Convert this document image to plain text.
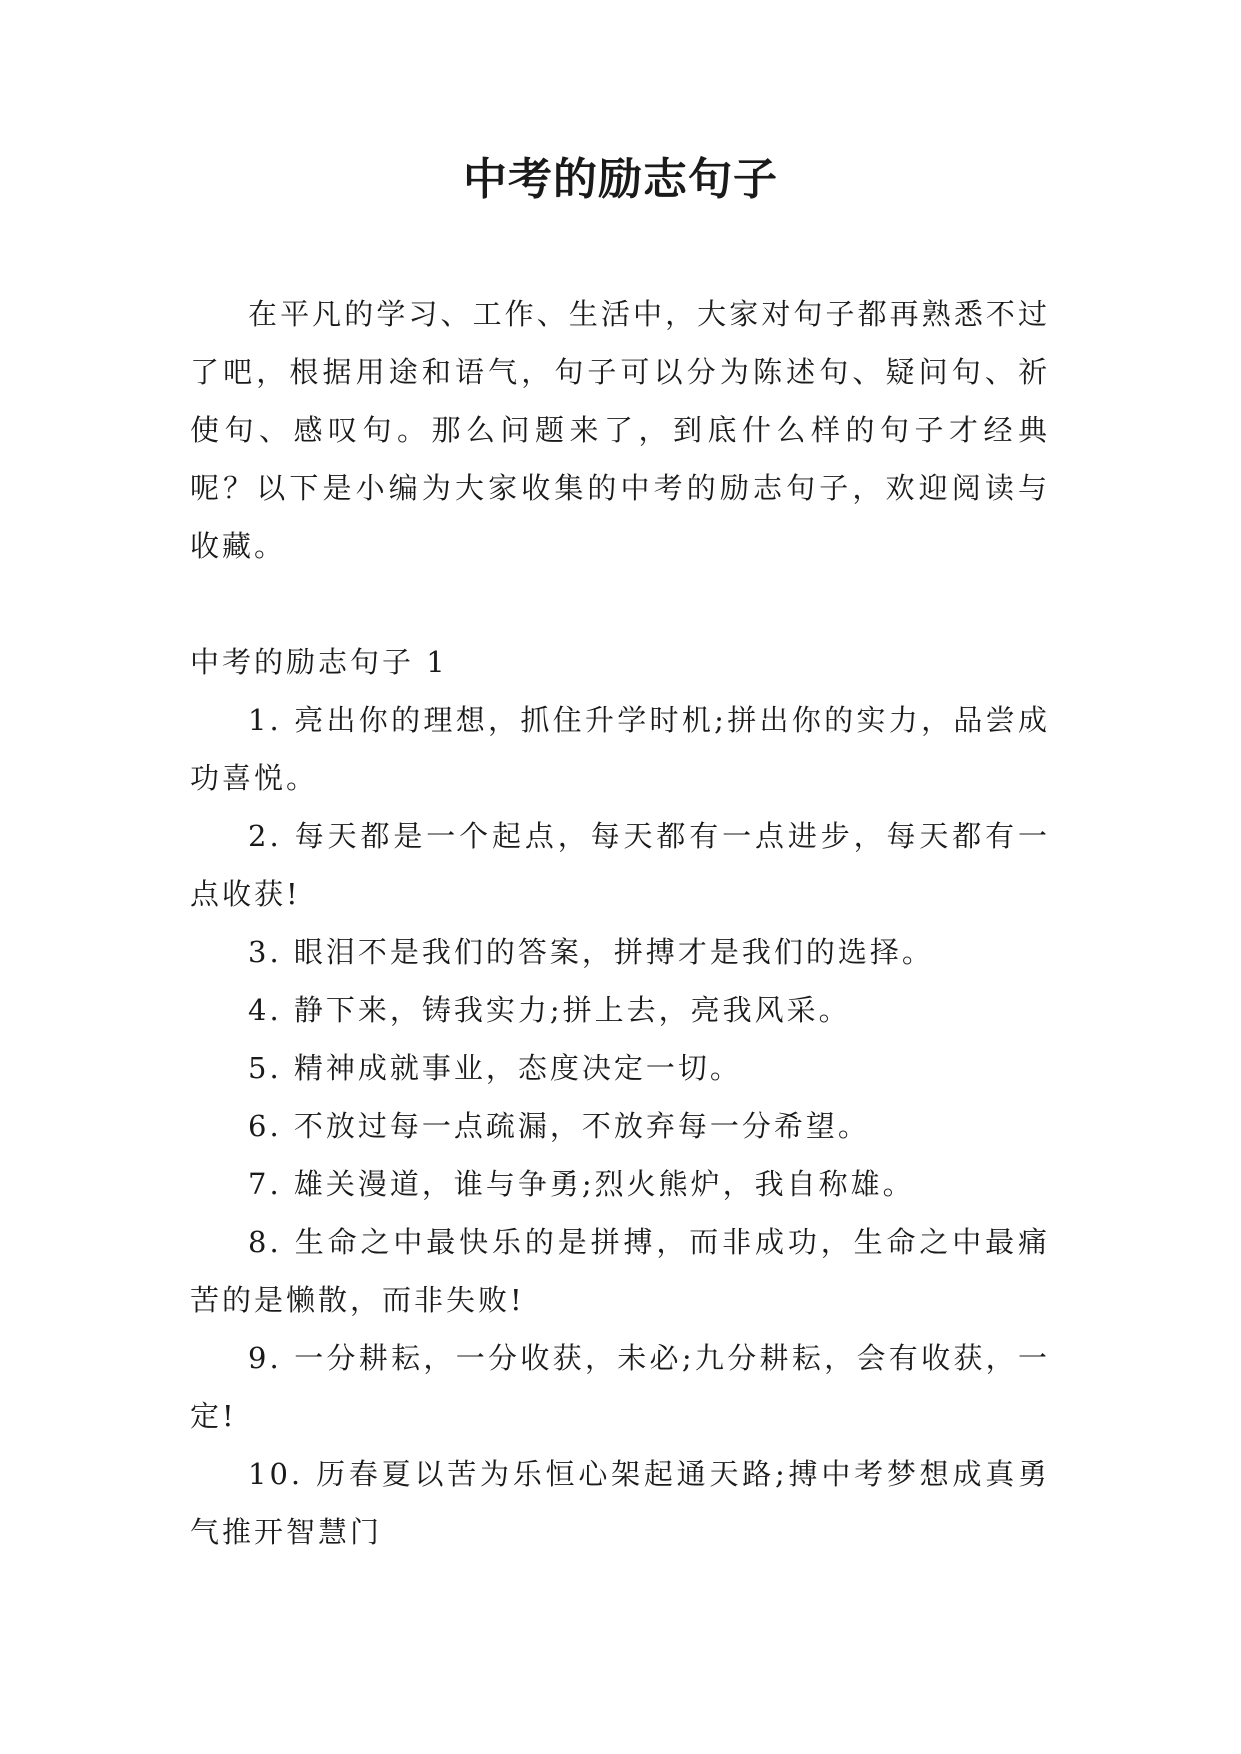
中考的励志句子

在平凡的学习、工作、生活中，大家对句子都再熟悉不过了吧，根据用途和语气，句子可以分为陈述句、疑问句、祈使句、感叹句。那么问题来了，到底什么样的句子才经典呢？以下是小编为大家收集的中考的励志句子，欢迎阅读与收藏。

中考的励志句子 1

1. 亮出你的理想，抓住升学时机;拼出你的实力，品尝成功喜悦。
2. 每天都是一个起点，每天都有一点进步，每天都有一点收获!
3. 眼泪不是我们的答案，拼搏才是我们的选择。
4. 静下来，铸我实力;拼上去，亮我风采。
5. 精神成就事业，态度决定一切。
6. 不放过每一点疏漏，不放弃每一分希望。
7. 雄关漫道，谁与争勇;烈火熊炉，我自称雄。
8. 生命之中最快乐的是拼搏，而非成功，生命之中最痛苦的是懒散，而非失败!
9. 一分耕耘，一分收获，未必;九分耕耘，会有收获，一定!
10. 历春夏以苦为乐恒心架起通天路;搏中考梦想成真勇气推开智慧门
